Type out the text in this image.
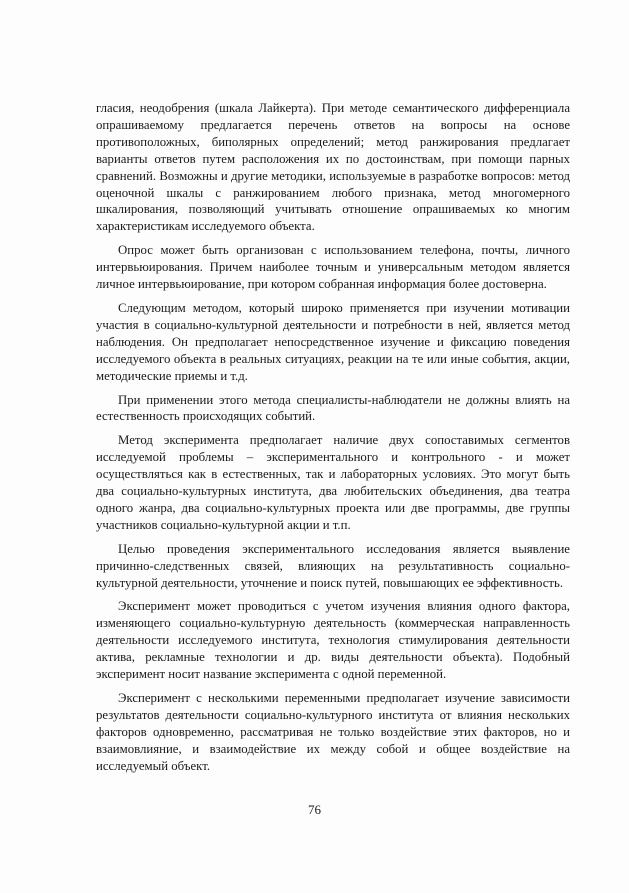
гласия, неодобрения (шкала Лайкерта). При методе семантического дифференциала опрашиваемому предлагается перечень ответов на вопросы на основе противоположных, биполярных определений; метод ранжирования предлагает варианты ответов путем расположения их по достоинствам, при помощи парных сравнений. Возможны и другие методики, используемые в разработке вопросов: метод оценочной шкалы с ранжированием любого признака, метод многомерного шкалирования, позволяющий учитывать отношение опрашиваемых ко многим характеристикам исследуемого объекта.

Опрос может быть организован с использованием телефона, почты, личного интервьюирования. Причем наиболее точным и универсальным методом является личное интервьюирование, при котором собранная информация более достоверна.

Следующим методом, который широко применяется при изучении мотивации участия в социально-культурной деятельности и потребности в ней, является метод наблюдения. Он предполагает непосредственное изучение и фиксацию поведения исследуемого объекта в реальных ситуациях, реакции на те или иные события, акции, методические приемы и т.д.

При применении этого метода специалисты-наблюдатели не должны влиять на естественность происходящих событий.

Метод эксперимента предполагает наличие двух сопоставимых сегментов исследуемой проблемы – экспериментального и контрольного - и может осуществляться как в естественных, так и лабораторных условиях. Это могут быть два социально-культурных института, два любительских объединения, два театра одного жанра, два социально-культурных проекта или две программы, две группы участников социально-культурной акции и т.п.

Целью проведения экспериментального исследования является выявление причинно-следственных связей, влияющих на результативность социально-культурной деятельности, уточнение и поиск путей, повышающих ее эффективность.

Эксперимент может проводиться с учетом изучения влияния одного фактора, изменяющего социально-культурную деятельность (коммерческая направленность деятельности исследуемого института, технология стимулирования деятельности актива, рекламные технологии и др. виды деятельности объекта). Подобный эксперимент носит название эксперимента с одной переменной.

Эксперимент с несколькими переменными предполагает изучение зависимости результатов деятельности социально-культурного института от влияния нескольких факторов одновременно, рассматривая не только воздействие этих факторов, но и взаимовлияние, и взаимодействие их между собой и общее воздействие на исследуемый объект.

76
